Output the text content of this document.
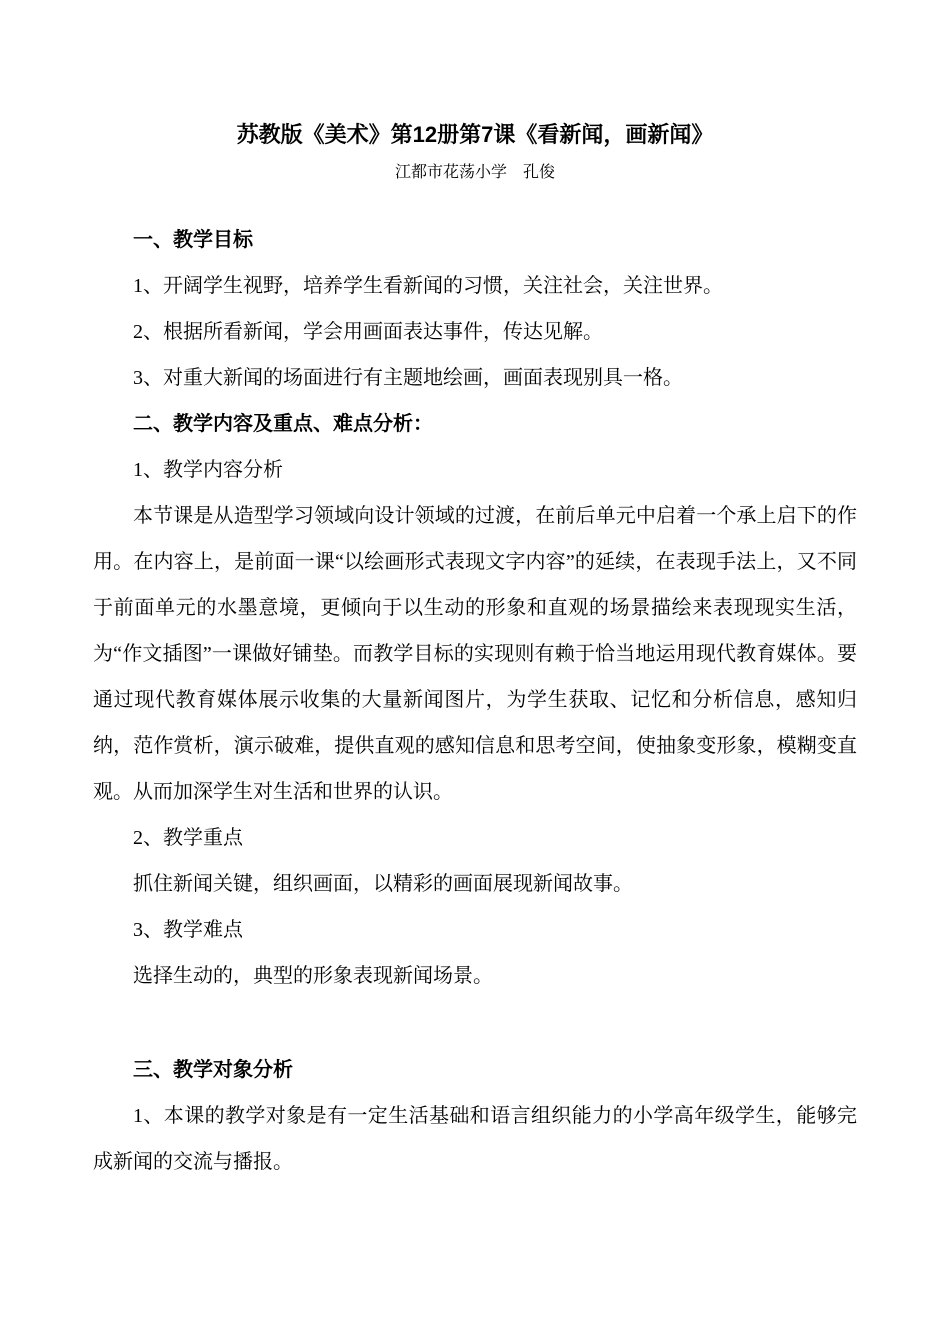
苏教版《美术》第12册第7课《看新闻，画新闻》

江都市花荡小学　孔俊

一、教学目标

1、开阔学生视野，培养学生看新闻的习惯，关注社会，关注世界。

2、根据所看新闻，学会用画面表达事件，传达见解。

3、对重大新闻的场面进行有主题地绘画，画面表现别具一格。

二、教学内容及重点、难点分析：

1、教学内容分析

本节课是从造型学习领域向设计领域的过渡，在前后单元中启着一个承上启下的作用。在内容上，是前面一课“以绘画形式表现文字内容”的延续，在表现手法上，又不同于前面单元的水墨意境，更倾向于以生动的形象和直观的场景描绘来表现现实生活，为“作文插图”一课做好铺垫。而教学目标的实现则有赖于恰当地运用现代教育媒体。要通过现代教育媒体展示收集的大量新闻图片，为学生获取、记忆和分析信息，感知归纳，范作赏析，演示破难，提供直观的感知信息和思考空间，使抽象变形象，模糊变直观。从而加深学生对生活和世界的认识。

2、教学重点

抓住新闻关键，组织画面，以精彩的画面展现新闻故事。

3、教学难点

选择生动的，典型的形象表现新闻场景。

三、教学对象分析

1、本课的教学对象是有一定生活基础和语言组织能力的小学高年级学生，能够完成新闻的交流与播报。
